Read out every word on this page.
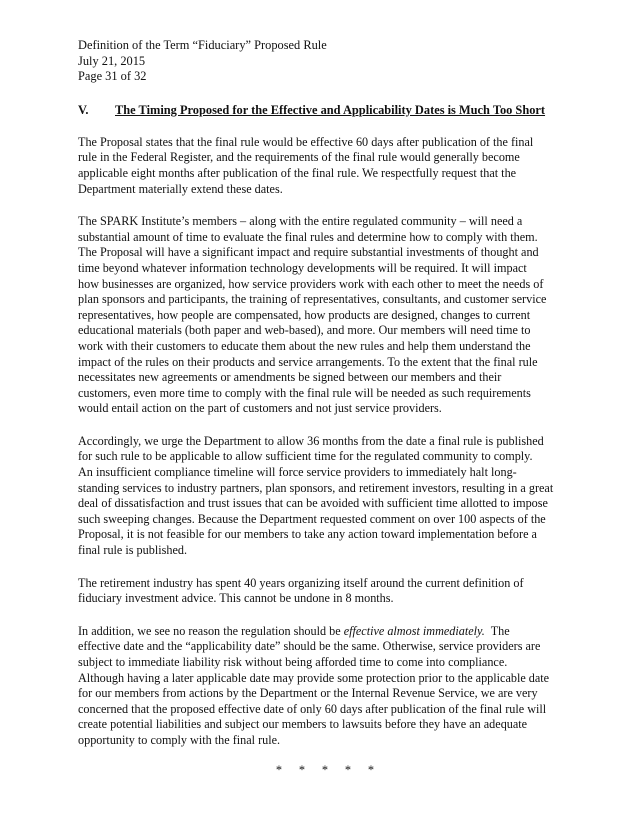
Definition of the Term “Fiduciary” Proposed Rule
July 21, 2015
Page 31 of 32
V.	The Timing Proposed for the Effective and Applicability Dates is Much Too Short

The Proposal states that the final rule would be effective 60 days after publication of the final
rule in the Federal Register, and the requirements of the final rule would generally become
applicable eight months after publication of the final rule. We respectfully request that the
Department materially extend these dates.

The SPARK Institute’s members – along with the entire regulated community – will need a
substantial amount of time to evaluate the final rules and determine how to comply with them.
The Proposal will have a significant impact and require substantial investments of thought and
time beyond whatever information technology developments will be required. It will impact
how businesses are organized, how service providers work with each other to meet the needs of
plan sponsors and participants, the training of representatives, consultants, and customer service
representatives, how people are compensated, how products are designed, changes to current
educational materials (both paper and web-based), and more. Our members will need time to
work with their customers to educate them about the new rules and help them understand the
impact of the rules on their products and service arrangements. To the extent that the final rule
necessitates new agreements or amendments be signed between our members and their
customers, even more time to comply with the final rule will be needed as such requirements
would entail action on the part of customers and not just service providers.

Accordingly, we urge the Department to allow 36 months from the date a final rule is published
for such rule to be applicable to allow sufficient time for the regulated community to comply.
An insufficient compliance timeline will force service providers to immediately halt long-
standing services to industry partners, plan sponsors, and retirement investors, resulting in a great
deal of dissatisfaction and trust issues that can be avoided with sufficient time allotted to impose
such sweeping changes. Because the Department requested comment on over 100 aspects of the
Proposal, it is not feasible for our members to take any action toward implementation before a
final rule is published.

The retirement industry has spent 40 years organizing itself around the current definition of
fiduciary investment advice. This cannot be undone in 8 months.

In addition, we see no reason the regulation should be effective almost immediately.  The
effective date and the “applicability date” should be the same. Otherwise, service providers are
subject to immediate liability risk without being afforded time to come into compliance.
Although having a later applicable date may provide some protection prior to the applicable date
for our members from actions by the Department or the Internal Revenue Service, we are very
concerned that the proposed effective date of only 60 days after publication of the final rule will
create potential liabilities and subject our members to lawsuits before they have an adequate
opportunity to comply with the final rule.

* * * * *
